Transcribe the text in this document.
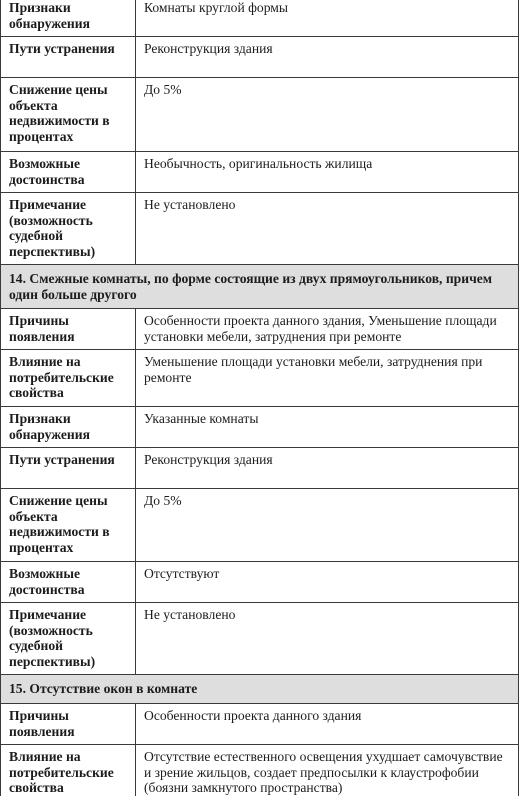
Признаки обнаружения	Комнаты круглой формы
Пути устранения	Реконструкция здания
Снижение цены объекта недвижимости в процентах	До 5%
Возможные достоинства	Необычность, оригинальность жилища
Примечание (возможность судебной перспективы)	Не установлено
14. Смежные комнаты, по форме состоящие из двух прямоугольников, причем один больше другого	
Причины появления	Особенности проекта данного здания, Уменьшение площади установки мебели, затруднения при ремонте
Влияние на потребительские свойства	Уменьшение площади установки мебели, затруднения при ремонте
Признаки обнаружения	Указанные комнаты
Пути устранения	Реконструкция здания
Снижение цены объекта недвижимости в процентах	До 5%
Возможные достоинства	Отсутствуют
Примечание (возможность судебной перспективы)	Не установлено
15. Отсутствие окон в комнате	
Причины появления	Особенности проекта данного здания
Влияние на потребительские свойства	Отсутствие естественного освещения ухудшает самочувствие и зрение жильцов, создает предпосылки к клаустрофобии (боязни замкнутого пространства)
